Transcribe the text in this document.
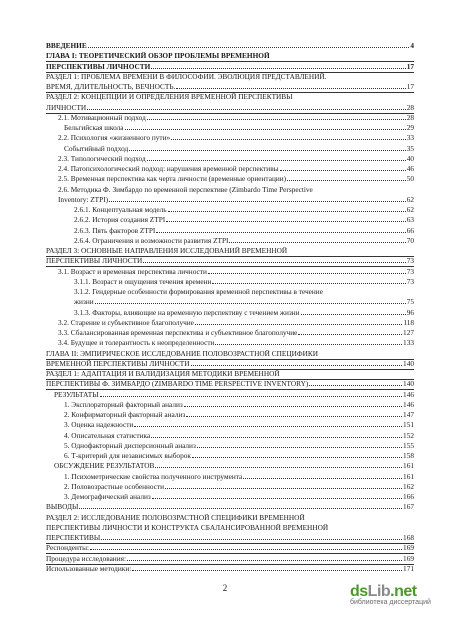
ВВЕДЕНИЕ	4
ГЛАВА I: ТЕОРЕТИЧЕСКИЙ ОБЗОР ПРОБЛЕМЫ ВРЕМЕННОЙ
ПЕРСПЕКТИВЫ ЛИЧНОСТИ	17
РАЗДЕЛ 1: ПРОБЛЕМА ВРЕМЕНИ В ФИЛОСОФИИ. ЭВОЛЮЦИЯ ПРЕДСТАВЛЕНИЙ.
ВРЕМЯ, ДЛИТЕЛЬНОСТЬ, ВЕЧНОСТЬ.	17
РАЗДЕЛ 2: КОНЦЕПЦИИ И ОПРЕДЕЛЕНИЯ ВРЕМЕННОЙ ПЕРСПЕКТИВЫ
ЛИЧНОСТИ	28
2.1. Мотивационный подход	28
Бельгийская школа	29
2.2. Психология «жизненного пути»	33
Событийный подход	35
2.3. Типологический подход	40
2.4. Патопсихологический подход: нарушения временной перспективы	46
2.5. Временная перспектива как черта личности (временные ориентации)	50
2.6. Методика Ф. Зимбардо по временной перспективе (Zimbardo Time Perspective
Inventory: ZTPI)	62
2.6.1. Концептуальная модель	62
2.6.2. История создания ZTPI	63
2.6.3. Пять факторов ZTPI	66
2.6.4. Ограничения и возможности развития ZTPI	70
РАЗДЕЛ 3: ОСНОВНЫЕ НАПРАВЛЕНИЯ ИССЛЕДОВАНИЙ ВРЕМЕННОЙ
ПЕРСПЕКТИВЫ ЛИЧНОСТИ	73
3.1. Возраст и временная перспектива личности	73
3.1.1. Возраст и ощущения течения времени	73
3.1.2. Гендерные особенности формирования временной перспективы в течение
жизни	75
3.1.3. Факторы, влияющие на временную перспективу с течением жизни	96
3.2. Старение и субъективное благополучие	118
3.3. Сбалансированная временная перспектива и субъективное благополучие	127
3.4. Будущее и толерантность к неопределенности	133
ГЛАВА II: ЭМПИРИЧЕСКОЕ ИССЛЕДОВАНИЕ ПОЛОВОЗРАСТНОЙ СПЕЦИФИКИ
ВРЕМЕННОЙ ПЕРСПЕКТИВЫ ЛИЧНОСТИ	140
РАЗДЕЛ 1: АДАПТАЦИЯ И ВАЛИДИЗАЦИЯ МЕТОДИКИ ВРЕМЕННОЙ
ПЕРСПЕКТИВЫ Ф. ЗИМБАРДО (ZIMBARDO TIME PERSPECTIVE INVENTORY)	140
РЕЗУЛЬТАТЫ	146
1. Эксплораторный факторный анализ	146
2. Конфирматорный факторный анализ	147
3. Оценка надежности	151
4. Описательная статистика	152
5. Однофакторный дисперсионный анализ	155
6. Т-критерий для независимых выборок	158
ОБСУЖДЕНИЕ РЕЗУЛЬТАТОВ	161
1. Психометрические свойства полученного инструмента	161
2. Половозрастные особенности	162
3. Демографический анализ	166
ВЫВОДЫ	167
РАЗДЕЛ 2: ИССЛЕДОВАНИЕ ПОЛОВОЗРАСТНОЙ СПЕЦИФИКИ ВРЕМЕННОЙ
ПЕРСПЕКТИВЫ ЛИЧНОСТИ И КОНСТРУКТА СБАЛАНСИРОВАННОЙ ВРЕМЕННОЙ
ПЕРСПЕКТИВЫ	168
Респонденты:	169
Процедура исследования:	169
Использованные методики:	171
2	dsLib.net
библиотека диссертаций
